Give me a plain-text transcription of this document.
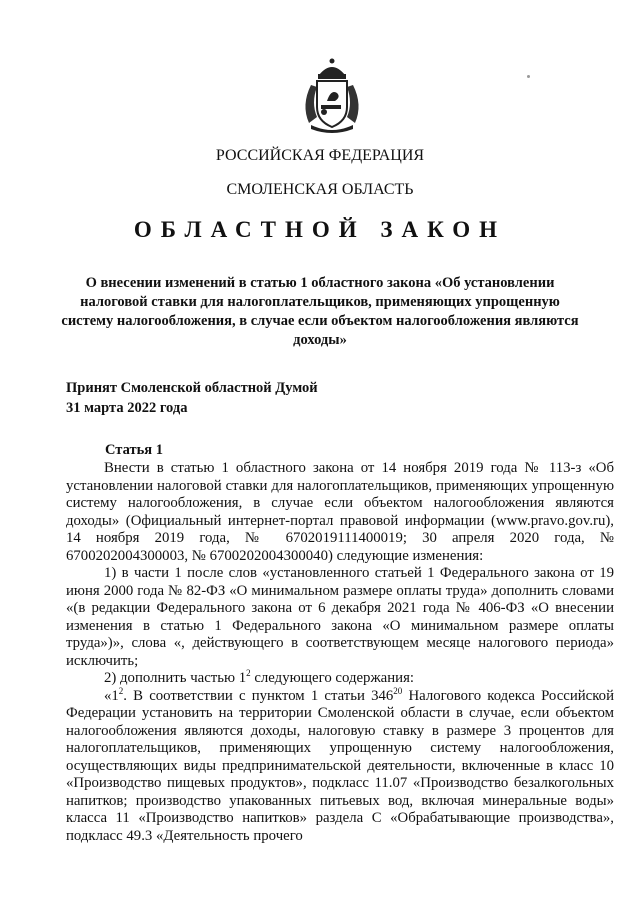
РОССИЙСКАЯ ФЕДЕРАЦИЯ
СМОЛЕНСКАЯ ОБЛАСТЬ
ОБЛАСТНОЙ ЗАКОН
О внесении изменений в статью 1 областного закона «Об установлении налоговой ставки для налогоплательщиков, применяющих упрощенную систему налогообложения, в случае если объектом налогообложения являются доходы»
Принят Смоленской областной Думой
31 марта 2022 года
Статья 1

Внести в статью 1 областного закона от 14 ноября 2019 года № 113-з «Об установлении налоговой ставки для налогоплательщиков, применяющих упрощенную систему налогообложения, в случае если объектом налогообложения являются доходы» (Официальный интернет-портал правовой информации (www.pravo.gov.ru), 14 ноября 2019 года, № 6702019111400019; 30 апреля 2020 года, № 6700202004300003, № 6700202004300040) следующие изменения:

1) в части 1 после слов «установленного статьей 1 Федерального закона от 19 июня 2000 года № 82-ФЗ «О минимальном размере оплаты труда» дополнить словами «(в редакции Федерального закона от 6 декабря 2021 года № 406-ФЗ «О внесении изменения в статью 1 Федерального закона «О минимальном размере оплаты труда»)», слова «, действующего в соответствующем месяце налогового периода» исключить;

2) дополнить частью $1^2$ следующего содержания:

«$1^2$. В соответствии с пунктом 1 статьи $346^{20}$ Налогового кодекса Российской Федерации установить на территории Смоленской области в случае, если объектом налогообложения являются доходы, налоговую ставку в размере 3 процентов для налогоплательщиков, применяющих упрощенную систему налогообложения, осуществляющих виды предпринимательской деятельности, включенные в класс 10 «Производство пищевых продуктов», подкласс 11.07 «Производство безалкогольных напитков; производство упакованных питьевых вод, включая минеральные воды» класса 11 «Производство напитков» раздела С «Обрабатывающие производства», подкласс 49.3 «Деятельность прочего
